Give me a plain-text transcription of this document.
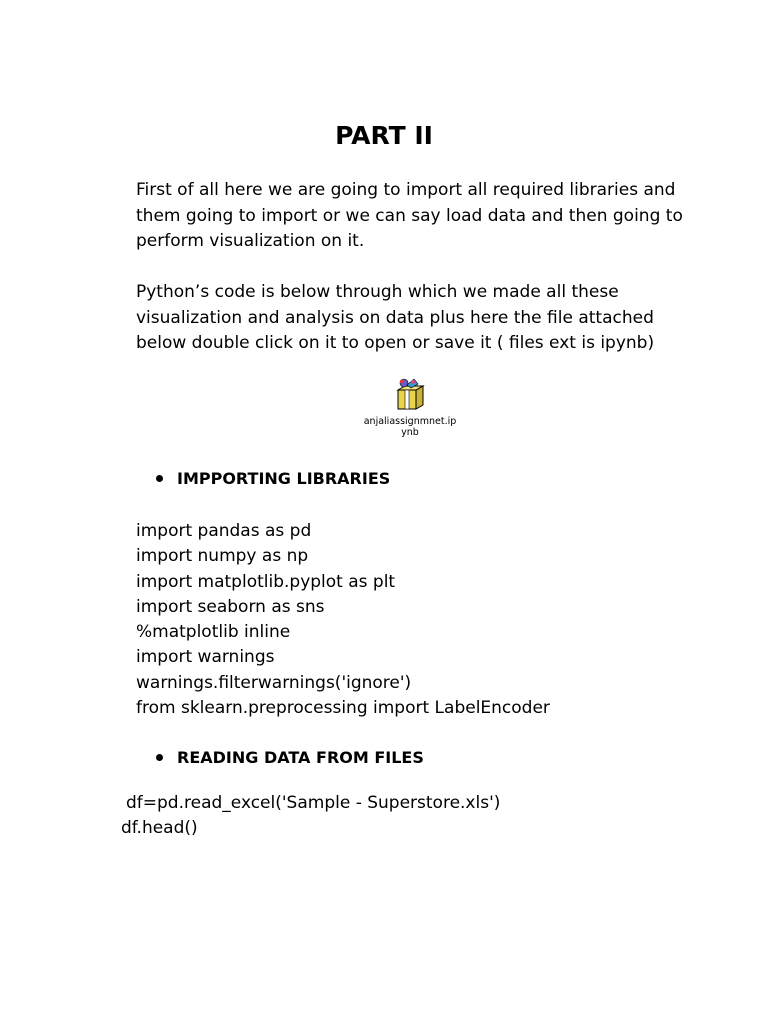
PART II
First of all here we are going to import all required libraries and them going to import or we can say load data and then going to perform visualization on it.
Python’s code is below through which we made all these visualization and analysis on data plus here the file attached below double click on it to open or save it ( files ext is ipynb)
anjaliassignmnet.ipynb
IMPPORTING LIBRARIES
import pandas as pd
import numpy as np
import matplotlib.pyplot as plt
import seaborn as sns
%matplotlib inline
import warnings
warnings.filterwarnings('ignore')
from sklearn.preprocessing import LabelEncoder
READING DATA FROM FILES
df=pd.read_excel('Sample - Superstore.xls')
df.head()
